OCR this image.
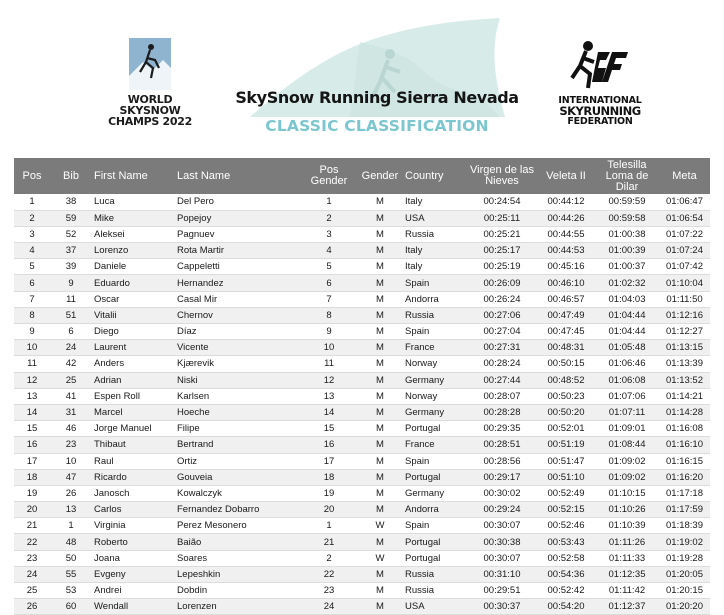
WORLD
SKYSNOW
CHAMPS 2022
SkySnow Running Sierra Nevada
CLASSIC CLASSIFICATION
INTERNATIONAL
SKYRUNNING
FEDERATION
Pos	Bib	First Name	Last Name	Pos Gender	Gender	Country	Virgen de las Nieves	Veleta II	Telesilla Loma de Dilar	Meta
1	38	Luca	Del Pero	1	M	Italy	00:24:54	00:44:12	00:59:59	01:06:47
2	59	Mike	Popejoy	2	M	USA	00:25:11	00:44:26	00:59:58	01:06:54
3	52	Aleksei	Pagnuev	3	M	Russia	00:25:21	00:44:55	01:00:38	01:07:22
4	37	Lorenzo	Rota Martir	4	M	Italy	00:25:17	00:44:53	01:00:39	01:07:24
5	39	Daniele	Cappeletti	5	M	Italy	00:25:19	00:45:16	01:00:37	01:07:42
6	9	Eduardo	Hernandez	6	M	Spain	00:26:09	00:46:10	01:02:32	01:10:04
7	11	Oscar	Casal Mir	7	M	Andorra	00:26:24	00:46:57	01:04:03	01:11:50
8	51	Vitalii	Chernov	8	M	Russia	00:27:06	00:47:49	01:04:44	01:12:16
9	6	Diego	Díaz	9	M	Spain	00:27:04	00:47:45	01:04:44	01:12:27
10	24	Laurent	Vicente	10	M	France	00:27:31	00:48:31	01:05:48	01:13:15
11	42	Anders	Kjærevik	11	M	Norway	00:28:24	00:50:15	01:06:46	01:13:39
12	25	Adrian	Niski	12	M	Germany	00:27:44	00:48:52	01:06:08	01:13:52
13	41	Espen Roll	Karlsen	13	M	Norway	00:28:07	00:50:23	01:07:06	01:14:21
14	31	Marcel	Hoeche	14	M	Germany	00:28:28	00:50:20	01:07:11	01:14:28
15	46	Jorge Manuel	Filipe	15	M	Portugal	00:29:35	00:52:01	01:09:01	01:16:08
16	23	Thibaut	Bertrand	16	M	France	00:28:51	00:51:19	01:08:44	01:16:10
17	10	Raul	Ortiz	17	M	Spain	00:28:56	00:51:47	01:09:02	01:16:15
18	47	Ricardo	Gouveia	18	M	Portugal	00:29:17	00:51:10	01:09:02	01:16:20
19	26	Janosch	Kowalczyk	19	M	Germany	00:30:02	00:52:49	01:10:15	01:17:18
20	13	Carlos	Fernandez Dobarro	20	M	Andorra	00:29:24	00:52:15	01:10:26	01:17:59
21	1	Virginia	Perez Mesonero	1	W	Spain	00:30:07	00:52:46	01:10:39	01:18:39
22	48	Roberto	Baião	21	M	Portugal	00:30:38	00:53:43	01:11:26	01:19:02
23	50	Joana	Soares	2	W	Portugal	00:30:07	00:52:58	01:11:33	01:19:28
24	55	Evgeny	Lepeshkin	22	M	Russia	00:31:10	00:54:36	01:12:35	01:20:05
25	53	Andrei	Dobdin	23	M	Russia	00:29:51	00:52:42	01:11:42	01:20:15
26	60	Wendall	Lorenzen	24	M	USA	00:30:37	00:54:20	01:12:37	01:20:20
